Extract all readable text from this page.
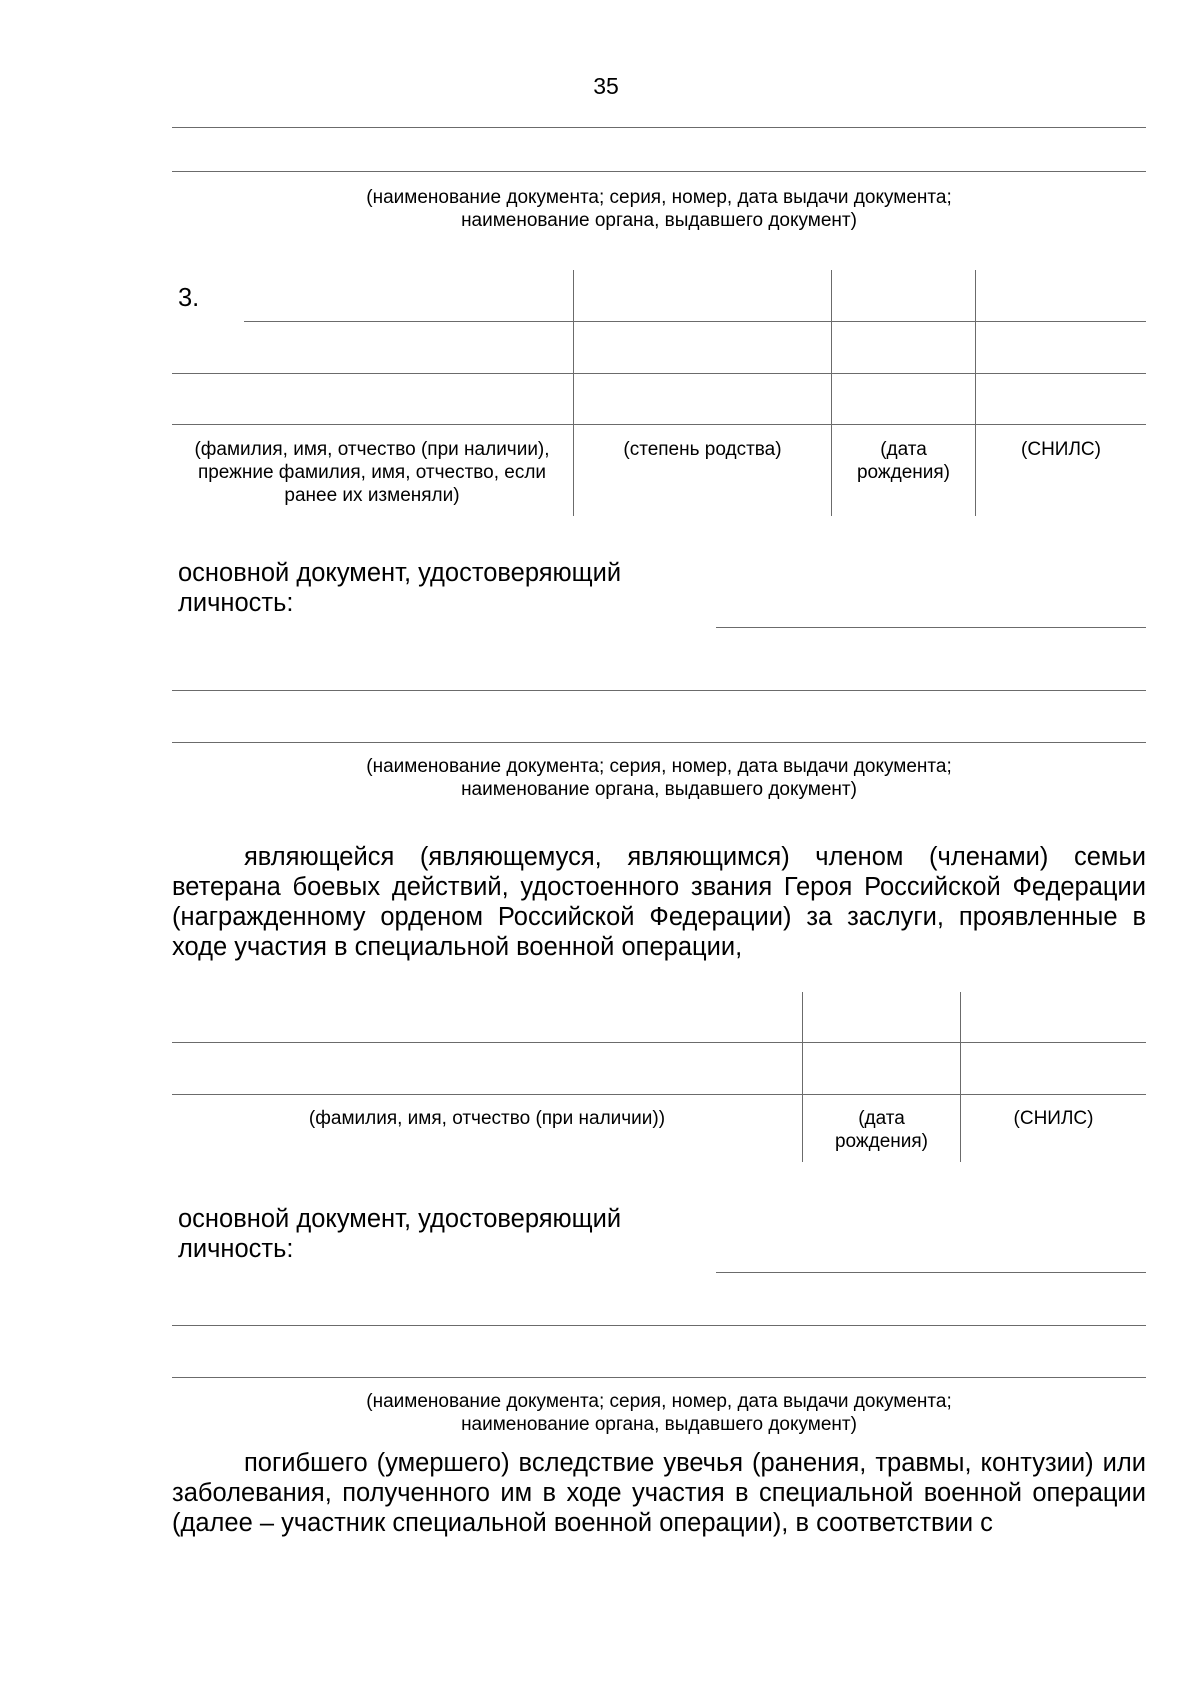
35
(наименование документа; серия, номер, дата выдачи документа;
наименование органа, выдавшего документ)
3.
(фамилия, имя, отчество (при наличии),
прежние фамилия, имя, отчество, если
ранее их изменяли)
(степень родства)	(дата
рождения)
(СНИЛС)
основной документ, удостоверяющий
личность:
(наименование документа; серия, номер, дата выдачи документа;
наименование органа, выдавшего документ)
являющейся (являющемуся, являющимся) членом (членами) семьи ветерана боевых действий, удостоенного звания Героя Российской Федерации (награжденному орденом Российской Федерации) за заслуги, проявленные в ходе участия в специальной военной операции,
(фамилия, имя, отчество (при наличии))	(дата
рождения)
(СНИЛС)
основной документ, удостоверяющий
личность:
(наименование документа; серия, номер, дата выдачи документа;
наименование органа, выдавшего документ)
погибшего (умершего) вследствие увечья (ранения, травмы, контузии) или заболевания, полученного им в ходе участия в специальной военной операции (далее – участник специальной военной операции), в соответствии с
